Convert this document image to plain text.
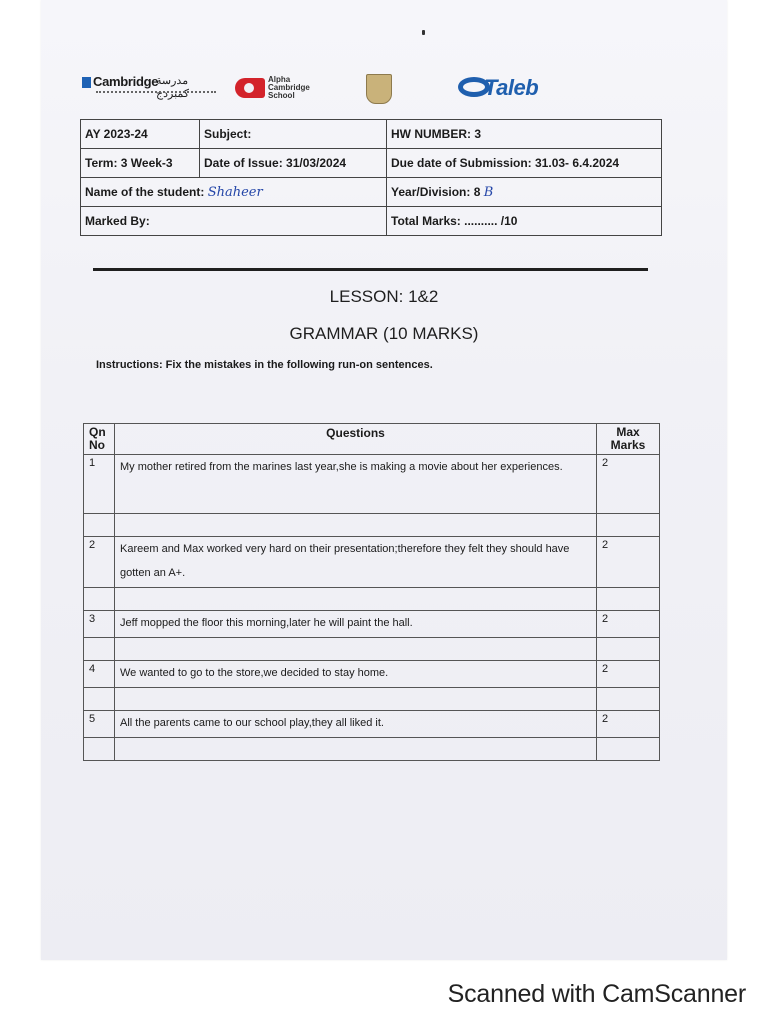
Cambridge
مدرسة كمبردج
Alpha
Cambridge
School	Taleb
AY 2023-24	Subject:	HW NUMBER: 3
Term: 3 Week-3	Date of Issue: 31/03/2024	Due date of Submission: 31.03- 6.4.2024
Name of the student: Shaheer		Year/Division: 8 B
Marked By:		Total Marks: .......... /10
LESSON: 1&2
GRAMMAR (10 MARKS)
Instructions: Fix the mistakes in the following run-on sentences.
Qn No	Questions	Max Marks
1	My mother retired from the marines last year,she is making a movie about her experiences.	2

2	Kareem and Max worked very hard on their presentation;therefore they felt they should have gotten an A+.	2

3	Jeff mopped the floor this morning,later he will paint the hall.	2

4	We wanted to go to the store,we decided to stay home.	2

5	All the parents came to our school play,they all liked it.	2

Scanned with CamScanner
